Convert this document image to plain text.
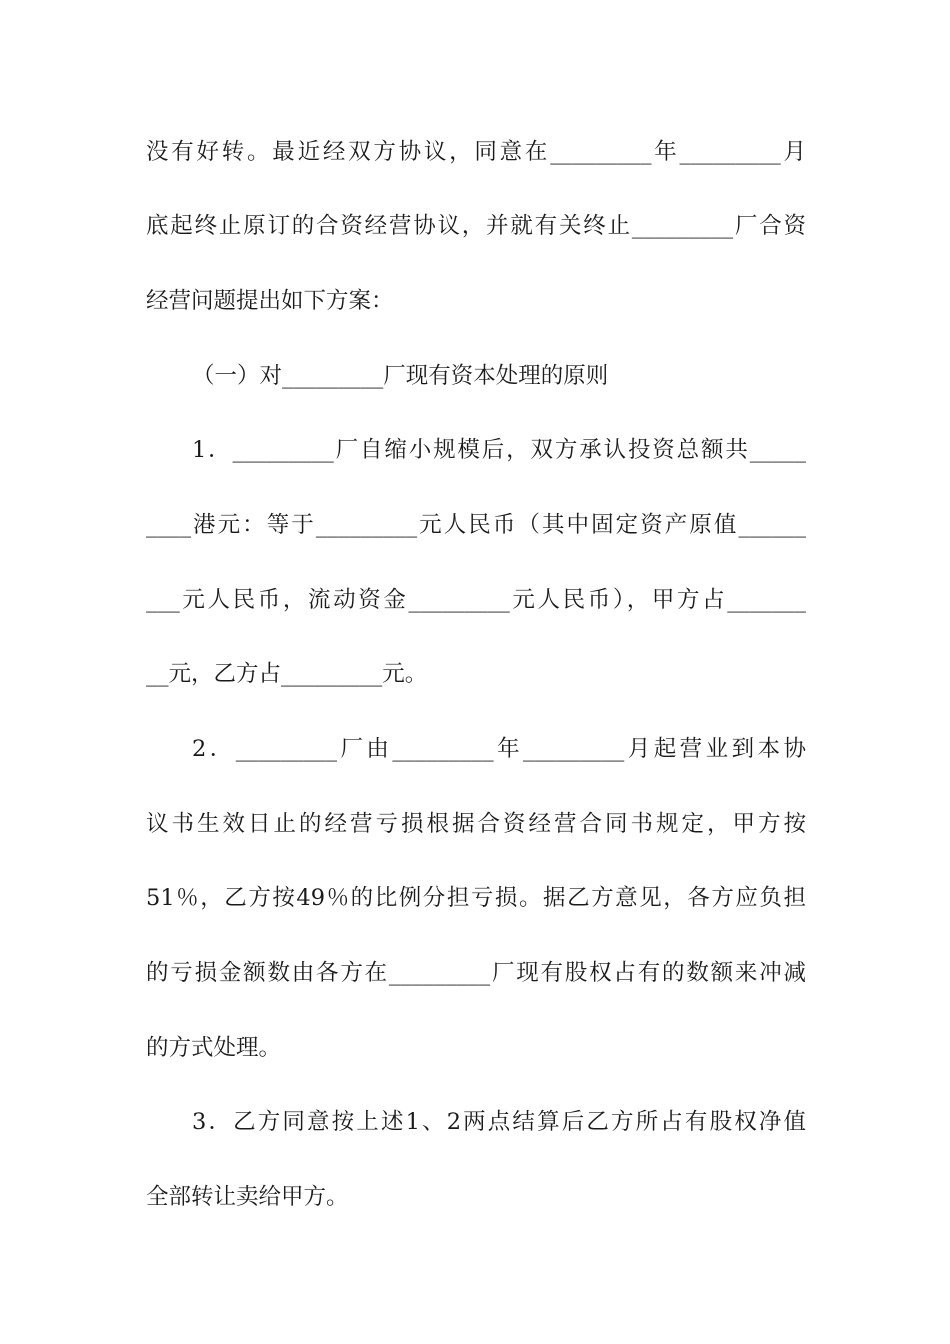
没有好转。最近经双方协议，同意在_________年_________月
底起终止原订的合资经营协议，并就有关终止_________厂合资
经营问题提出如下方案：
（一）对_________厂现有资本处理的原则
1．_________厂自缩小规模后，双方承认投资总额共_____
____港元：等于_________元人民币（其中固定资产原值______
___元人民币，流动资金_________元人民币），甲方占_______
__元，乙方占_________元。
2．_________厂由_________年_________月起营业到本协
议书生效日止的经营亏损根据合资经营合同书规定，甲方按
51％，乙方按49％的比例分担亏损。据乙方意见，各方应负担
的亏损金额数由各方在_________厂现有股权占有的数额来冲减
的方式处理。
3．乙方同意按上述1、2两点结算后乙方所占有股权净值
全部转让卖给甲方。
